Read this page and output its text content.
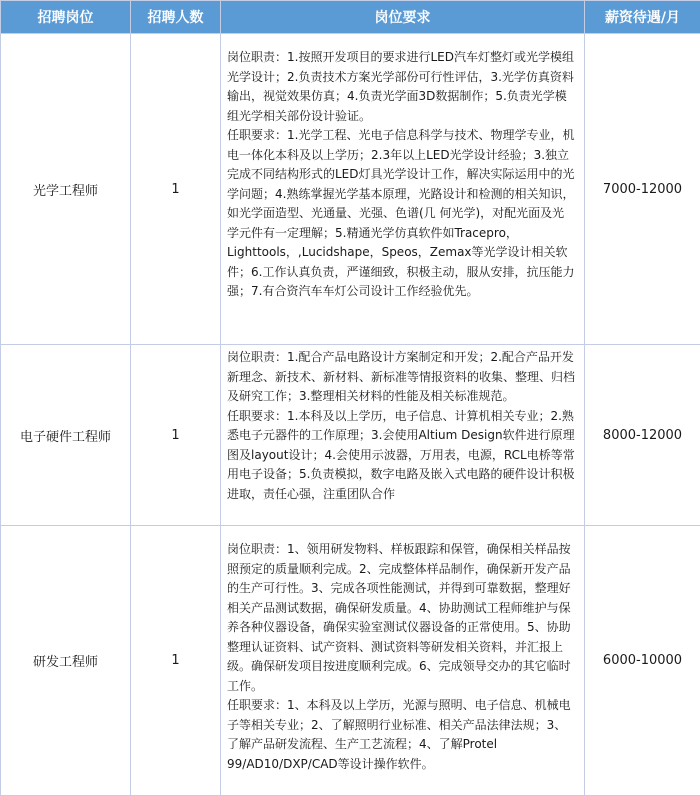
招聘岗位	招聘人数	岗位要求	薪资待遇/月
光学工程师	1	岗位职责：1.按照开发项目的要求进行LED汽车灯整灯或光学模组光学设计；2.负责技术方案光学部份可行性评估，3.光学仿真资料输出，视觉效果仿真；4.负责光学面3D数据制作；5.负责光学模组光学相关部份设计验证。

任职要求：1.光学工程、光电子信息科学与技术、物理学专业，机电一体化本科及以上学历；2.3年以上LED光学设计经验；3.独立完成不同结构形式的LED灯具光学设计工作，解决实际运用中的光学问题；4.熟练掌握光学基本原理，光路设计和检测的相关知识，如光学面造型、光通量、光强、色谱(几 何光学)，对配光面及光学元件有一定理解；5.精通光学仿真软件如Tracepro，Lighttools，,Lucidshape，Speos，Zemax等光学设计相关软件；6.工作认真负责，严谨细致，积极主动，服从安排，抗压能力强；7.有合资汽车车灯公司设计工作经验优先。	7000-12000
电子硬件工程师	1	岗位职责：1.配合产品电路设计方案制定和开发；2.配合产品开发新理念、新技术、新材料、新标准等情报资料的收集、整理、归档及研究工作；3.整理相关材料的性能及相关标准规范。

任职要求：1.本科及以上学历，电子信息、计算机相关专业；2.熟悉电子元器件的工作原理；3.会使用Altium Design软件进行原理图及layout设计；4.会使用示波器，万用表，电源，RCL电桥等常用电子设备；5.负责模拟，数字电路及嵌入式电路的硬件设计积极进取，责任心强，注重团队合作	8000-12000
研发工程师	1	岗位职责：1、领用研发物料、样板跟踪和保管，确保相关样品按照预定的质量顺利完成。2、完成整体样品制作，确保新开发产品的生产可行性。3、完成各项性能测试，并得到可靠数据，整理好相关产品测试数据，确保研发质量。4、协助测试工程师维护与保养各种仪器设备，确保实验室测试仪器设备的正常使用。5、协助整理认证资料、试产资料、测试资料等研发相关资料，并汇报上级。确保研发项目按进度顺利完成。6、完成领导交办的其它临时工作。

任职要求：1、本科及以上学历，光源与照明、电子信息、机械电子等相关专业；2、了解照明行业标准、相关产品法律法规；3、了解产品研发流程、生产工艺流程；4、了解Protel 99/AD10/DXP/CAD等设计操作软件。	6000-10000
